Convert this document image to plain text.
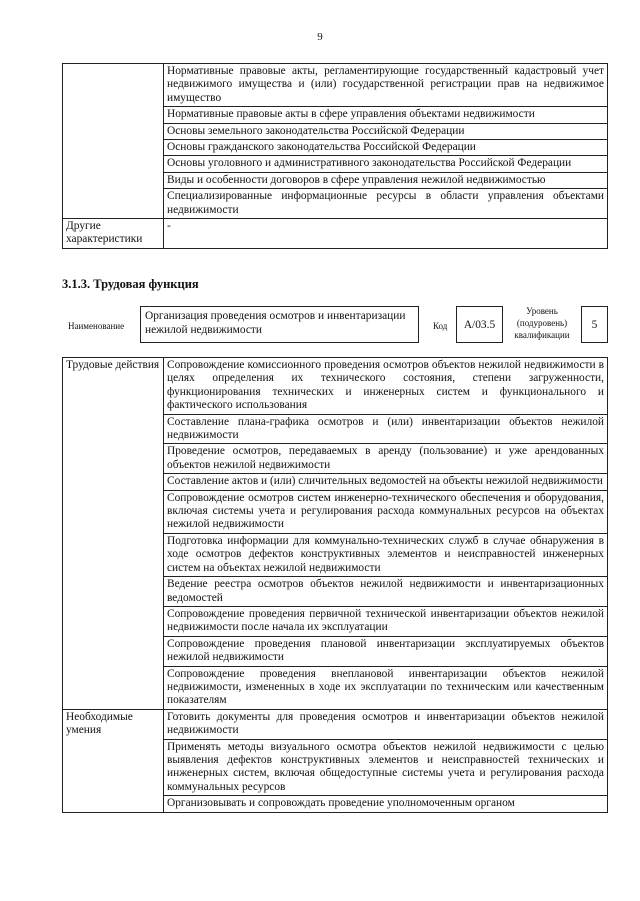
9
	Нормативные правовые акты, регламентирующие государственный кадастровый учет недвижимого имущества и (или) государственной регистрации прав на недвижимое имущество
	Нормативные правовые акты в сфере управления объектами недвижимости
	Основы земельного законодательства Российской Федерации
	Основы гражданского законодательства Российской Федерации
	Основы уголовного и административного законодательства Российской Федерации
	Виды и особенности договоров в сфере управления нежилой недвижимостью
	Специализированные информационные ресурсы в области управления объектами недвижимости
Другие характеристики	-
3.1.3. Трудовая функция
Наименование
Организация проведения осмотров и инвентаризации нежилой недвижимости	Код	А/03.5
Уровень (подуровень) квалификации
5
Трудовые действия	Сопровождение комиссионного проведения осмотров объектов нежилой недвижимости в целях определения их технического состояния, степени загруженности, функционирования технических и инженерных систем и функционального и фактического использования
	Составление плана-графика осмотров и (или) инвентаризации объектов нежилой недвижимости
	Проведение осмотров, передаваемых в аренду (пользование) и уже арендованных объектов нежилой недвижимости
	Составление актов и (или) сличительных ведомостей на объекты нежилой недвижимости
	Сопровождение осмотров систем инженерно-технического обеспечения и оборудования, включая системы учета и регулирования расхода коммунальных ресурсов на объектах нежилой недвижимости
	Подготовка информации для коммунально-технических служб в случае обнаружения в ходе осмотров дефектов конструктивных элементов и неисправностей инженерных систем на объектах нежилой недвижимости
	Ведение реестра осмотров объектов нежилой недвижимости и инвентаризационных ведомостей
	Сопровождение проведения первичной технической инвентаризации объектов нежилой недвижимости после начала их эксплуатации
	Сопровождение проведения плановой инвентаризации эксплуатируемых объектов нежилой недвижимости
	Сопровождение проведения внеплановой инвентаризации объектов нежилой недвижимости, измененных в ходе их эксплуатации по техническим или качественным показателям
Необходимые умения	Готовить документы для проведения осмотров и инвентаризации объектов нежилой недвижимости
	Применять методы визуального осмотра объектов нежилой недвижимости с целью выявления дефектов конструктивных элементов и неисправностей технических и инженерных систем, включая общедоступные системы учета и регулирования расхода коммунальных ресурсов
	Организовывать и сопровождать проведение уполномоченным органом
